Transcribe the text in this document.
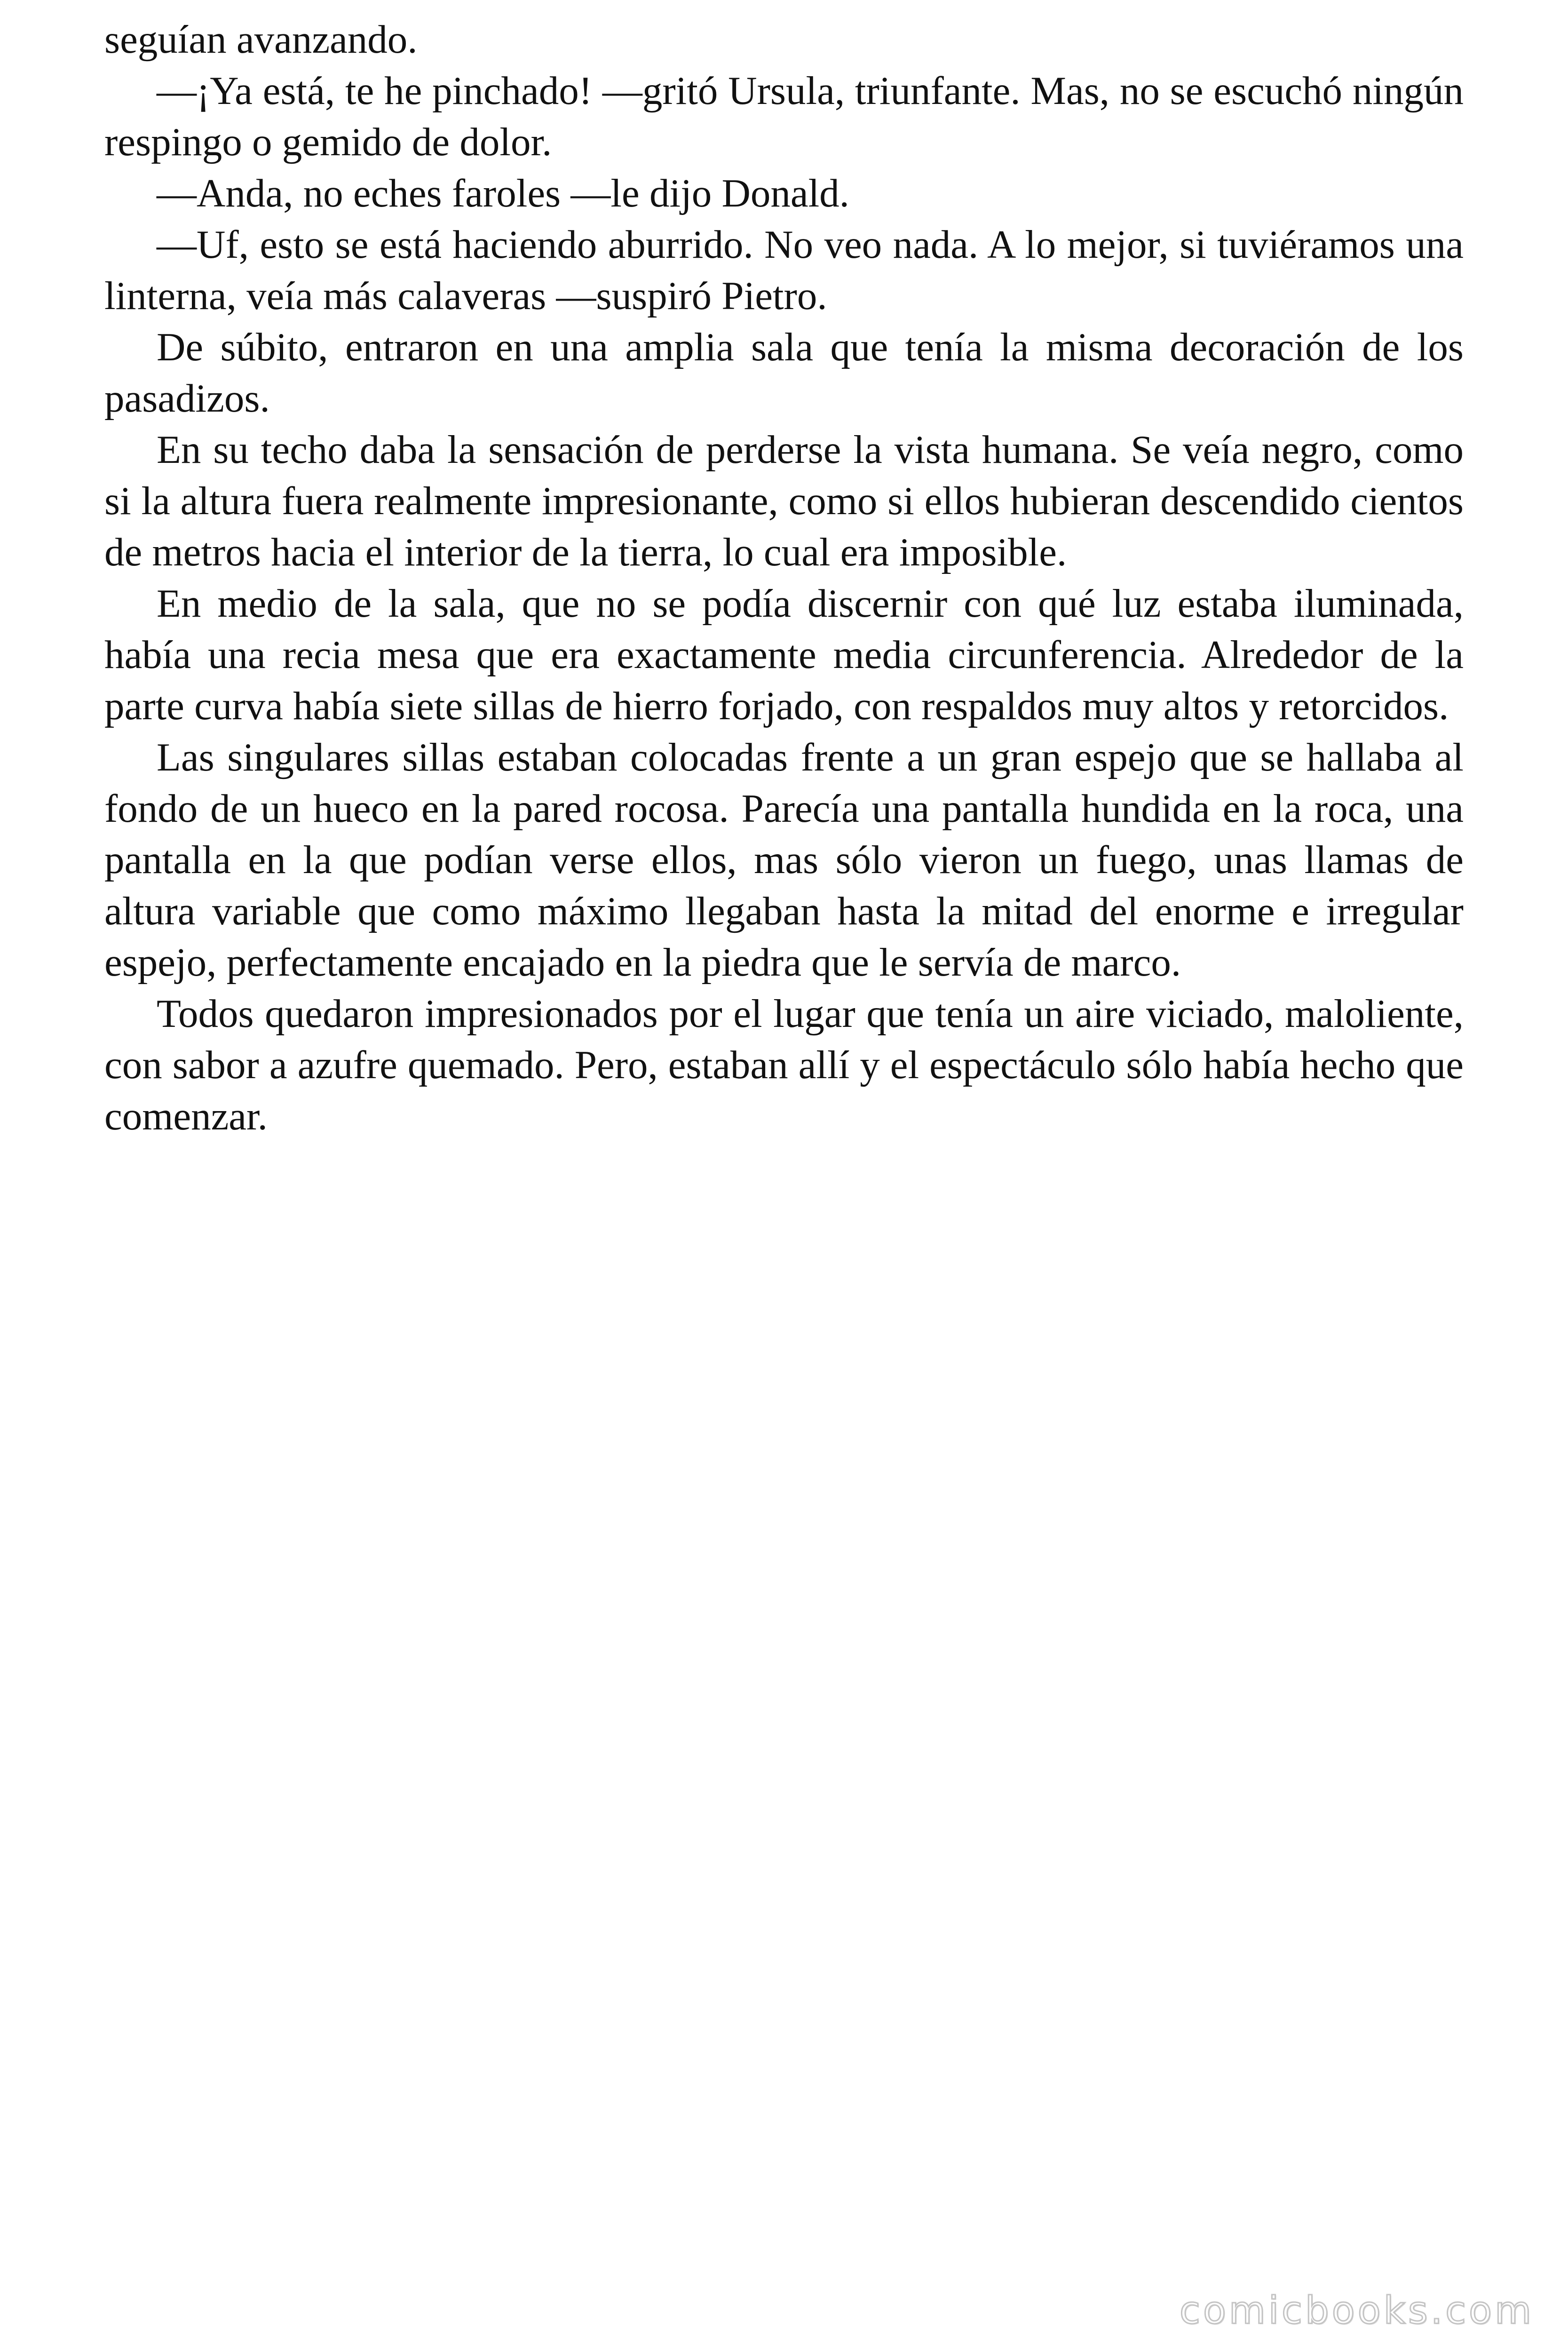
seguían avanzando.

—¡Ya está, te he pinchado! —gritó Ursula, triunfante. Mas, no se escuchó ningún respingo o gemido de dolor.

—Anda, no eches faroles —le dijo Donald.

—Uf, esto se está haciendo aburrido. No veo nada. A lo mejor, si tuviéramos una linterna, veía más calaveras —suspiró Pietro.

De súbito, entraron en una amplia sala que tenía la misma decoración de los pasadizos.

En su techo daba la sensación de perderse la vista humana. Se veía negro, como si la altura fuera realmente impresionante, como si ellos hubieran descendido cientos de metros hacia el interior de la tierra, lo cual era imposible.

En medio de la sala, que no se podía discernir con qué luz estaba iluminada, había una recia mesa que era exactamente media circunferencia. Alrededor de la parte curva había siete sillas de hierro forjado, con respaldos muy altos y retorcidos.

Las singulares sillas estaban colocadas frente a un gran espejo que se hallaba al fondo de un hueco en la pared rocosa. Parecía una pantalla hundida en la roca, una pantalla en la que podían verse ellos, mas sólo vieron un fuego, unas llamas de altura variable que como máximo llegaban hasta la mitad del enorme e irregular espejo, perfectamente encajado en la piedra que le servía de marco.

Todos quedaron impresionados por el lugar que tenía un aire viciado, maloliente, con sabor a azufre quemado. Pero, estaban allí y el espectáculo sólo había hecho que comenzar.

comicbooks.com
